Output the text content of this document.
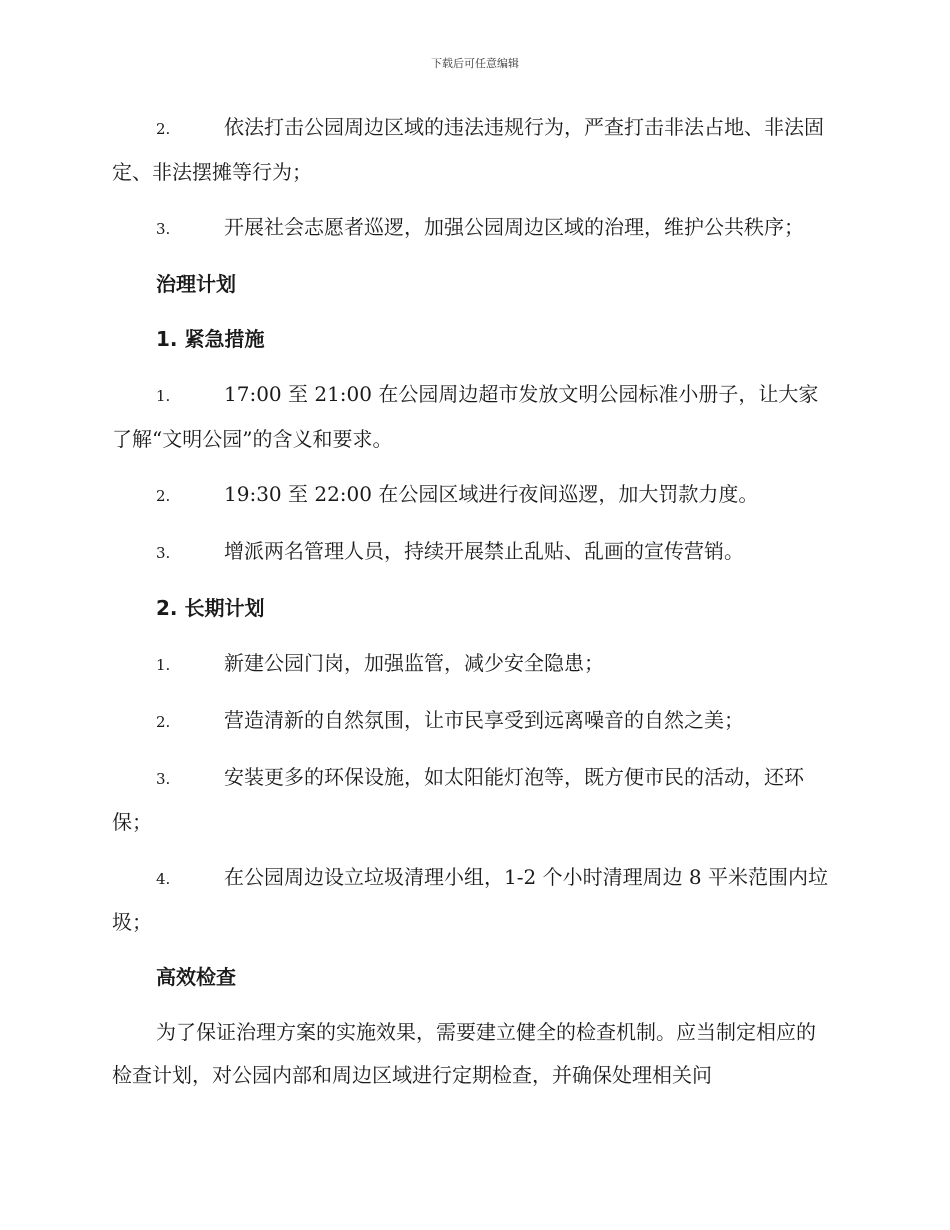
下载后可任意编辑

2.	依法打击公园周边区域的违法违规行为，严查打击非法占地、非法固定、非法摆摊等行为；

3.	开展社会志愿者巡逻，加强公园周边区域的治理，维护公共秩序；

治理计划

1. 紧急措施

1.	17:00 至 21:00 在公园周边超市发放文明公园标准小册子，让大家了解“文明公园”的含义和要求。

2.	19:30 至 22:00 在公园区域进行夜间巡逻，加大罚款力度。

3.	增派两名管理人员，持续开展禁止乱贴、乱画的宣传营销。

2. 长期计划

1.	新建公园门岗，加强监管，减少安全隐患；

2.	营造清新的自然氛围，让市民享受到远离噪音的自然之美；

3.	安装更多的环保设施，如太阳能灯泡等，既方便市民的活动，还环保；

4.	在公园周边设立垃圾清理小组，1-2 个小时清理周边 8 平米范围内垃圾；

高效检查

为了保证治理方案的实施效果，需要建立健全的检查机制。应当制定相应的检查计划，对公园内部和周边区域进行定期检查，并确保处理相关问
